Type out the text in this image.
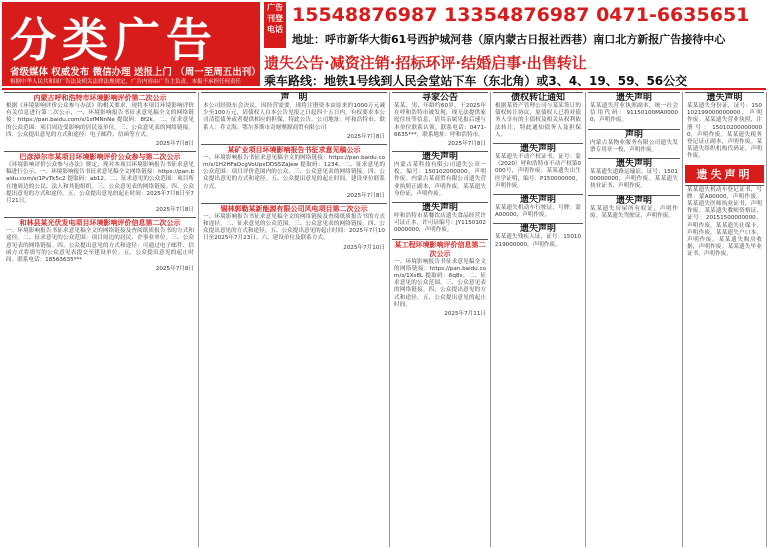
分类广告
省级媒体 权威发布 微信办理 送报上门 （周一至周五出刊）
根据中华人民共和国广告法及相关法律法规规定，广告内容由广告主负责，本报不承担任何责任
广告刊登电话
15548876987 13354876987 0471-6635651
地址：呼市新华大街61号西护城河巷（原内蒙古日报社西巷）南口北方新报广告接待中心
遗失公告·减资注销·招标环评·结婚启事·出售转让
乘车路线：地铁1号线到人民会堂站下车（东北角）或3、4、19、59、56公交
内蒙古呼和浩特市环境影响评价第二次公示
根据《环境影响评价公众参与办法》的相关要求，现将本项目环境影响评价有关信息进行第二次公示，一、环境影响报告书征求意见稿全文的网络链接：https://pan.baidu.com/s/1sfMNnNe 提取码：8f2k。二、征求意见的公众范围：项目周边受影响的居民及单位。三、公众意见表的网络链接。四、公众提出意见的方式和途径：电子邮件、信函等方式。
2025年7月8日
巴彦淖尔市某项目环境影响评价公众参与第二次公示
《环境影响评价公众参与办法》规定，现对本项目环境影响报告书征求意见稿进行公示。一、环境影响报告书征求意见稿全文网络链接：https://pan.baidu.com/s/1PvTk5c2 提取码：ab12。二、征求意见的公众范围：项目所在地周边的公民、法人和其他组织。三、公众意见表的网络链接。四、公众提出意见的方式和途径。五、公众提出意见的起止时间：2025年7月8日至7月21日。
2025年7月8日
和林县某光伏发电项目环境影响评价信息第二次公示
一、环境影响报告书征求意见稿全文的网络链接及查阅纸质报告书的方式和途径。二、征求意见的公众范围：项目周边的居民、企事业单位。三、公众意见表的网络链接。四、公众提出意见的方式和途径：可通过电子邮件、信函方式将填写的公众意见表提交至建设单位。五、公众提出意见的起止时间。联系电话：18563635***
2025年7月8日
声　明
本公司经股东会决议，因经营需要，现将注册资本由原来的1000万元减少至100万元，请债权人自本公告见报之日起四十五日内，有权要求本公司清偿债务或者提供相应的担保，特此公告。公司地址：呼和浩特市。联系人：乔文海。鄂尔多斯市奇财聚源商贸有限公司
2025年7月8日
某矿业项目环境影响报告书征求意见稿公示
一、环境影响报告书征求意见稿全文的网络链接：https://pan.baidu.com/s/1H2HFaQcgVoUpxDDS5ZaJew 提取码：1234。二、征求意见的公众范围：项目评价范围内的公众。三、公众意见表的网络链接。四、公众提出意见的方式和途径。五、公众提出意见的起止时间。建设单位联系方式。
2025年7月8日
锡林郭勒某新能源有限公司风电项目第二次公示
一、环境影响报告书征求意见稿全文的网络链接及查阅纸质报告书的方式和途径。二、征求意见的公众范围。三、公众意见表的网络链接。四、公众提出意见的方式和途径。五、公众提出意见的起止时间：2025年7月10日至2025年7月23日。六、建设单位及联系方式。
2025年7月10日
寻家公告
某某，男，年龄约60岁，于2025年在呼和浩特市被发现，现无法提供家庭住址等信息，请其亲属见报后速与本单位联系认领。联系电话：0471-6635***，联系地址：呼和浩特市。
2025年7月8日
遗失声明
内蒙古某科技有限公司遗失公章一枚，编号：150102000000，声明作废。内蒙古某商贸有限公司遗失营业执照正副本，声明作废。某某遗失身份证，声明作废。
遗失声明
呼和浩特市某餐饮店遗失食品经营许可证正本，许可证编号：JY11501020000000，声明作废。
某工程环境影响评价信息第二次公示
一、环境影响报告书征求意见稿全文的网络链接：https://pan.baidu.com/s/1Xs8L 提取码：6q8s。二、征求意见的公众范围。三、公众意见表的网络链接。四、公众提出意见的方式和途径。五、公众提出意见的起止时间。
2025年7月11日
债权转让通知
根据某资产管理公司与某某签订的债权转让协议，原债权人已将对债务人享有的主债权及相关从权利依法转让，特此通知债务人及担保人。
遗失声明
某某遗失不动产权证书，证号：蒙（2020）呼和浩特市不动产权第0000号，声明作废。某某遗失出生医学证明，编号：P150000000，声明作废。
遗失声明
某某遗失机动车行驶证，号牌：蒙A00000，声明作废。
遗失声明
某某遗失残疾人证，证号：15010219000000，声明作废。
遗失声明
某某遗失营业执照副本，统一社会信用代码：91150100MA00000，声明作废。
声明
内蒙古某物业服务有限公司遗失发票专用章一枚，声明作废。
遗失声明
某某遗失道路运输证，证号：150100000000，声明作废。某某遗失执业证书，声明作废。
遗失声明
某某遗失房屋所有权证，声明作废。某某遗失驾驶证，声明作废。
遗失声明
某某遗失身份证，证号：150102199000000000，声明作废。某某遗失营业执照，注册号：150102000000000，声明作废。某某遗失税务登记证正副本，声明作废。某某遗失组织机构代码证，声明作废。
遗失声明
某某遗失机动车登记证书，号牌：蒙A00000，声明作废。某某遗失医师执业证书，声明作废。某某遗失教师资格证，证号：20151500000000，声明作废。某某遗失社保卡，声明作废。某某遗失户口本，声明作废。某某遗失购房收据，声明作废。某某遗失毕业证书，声明作废。
